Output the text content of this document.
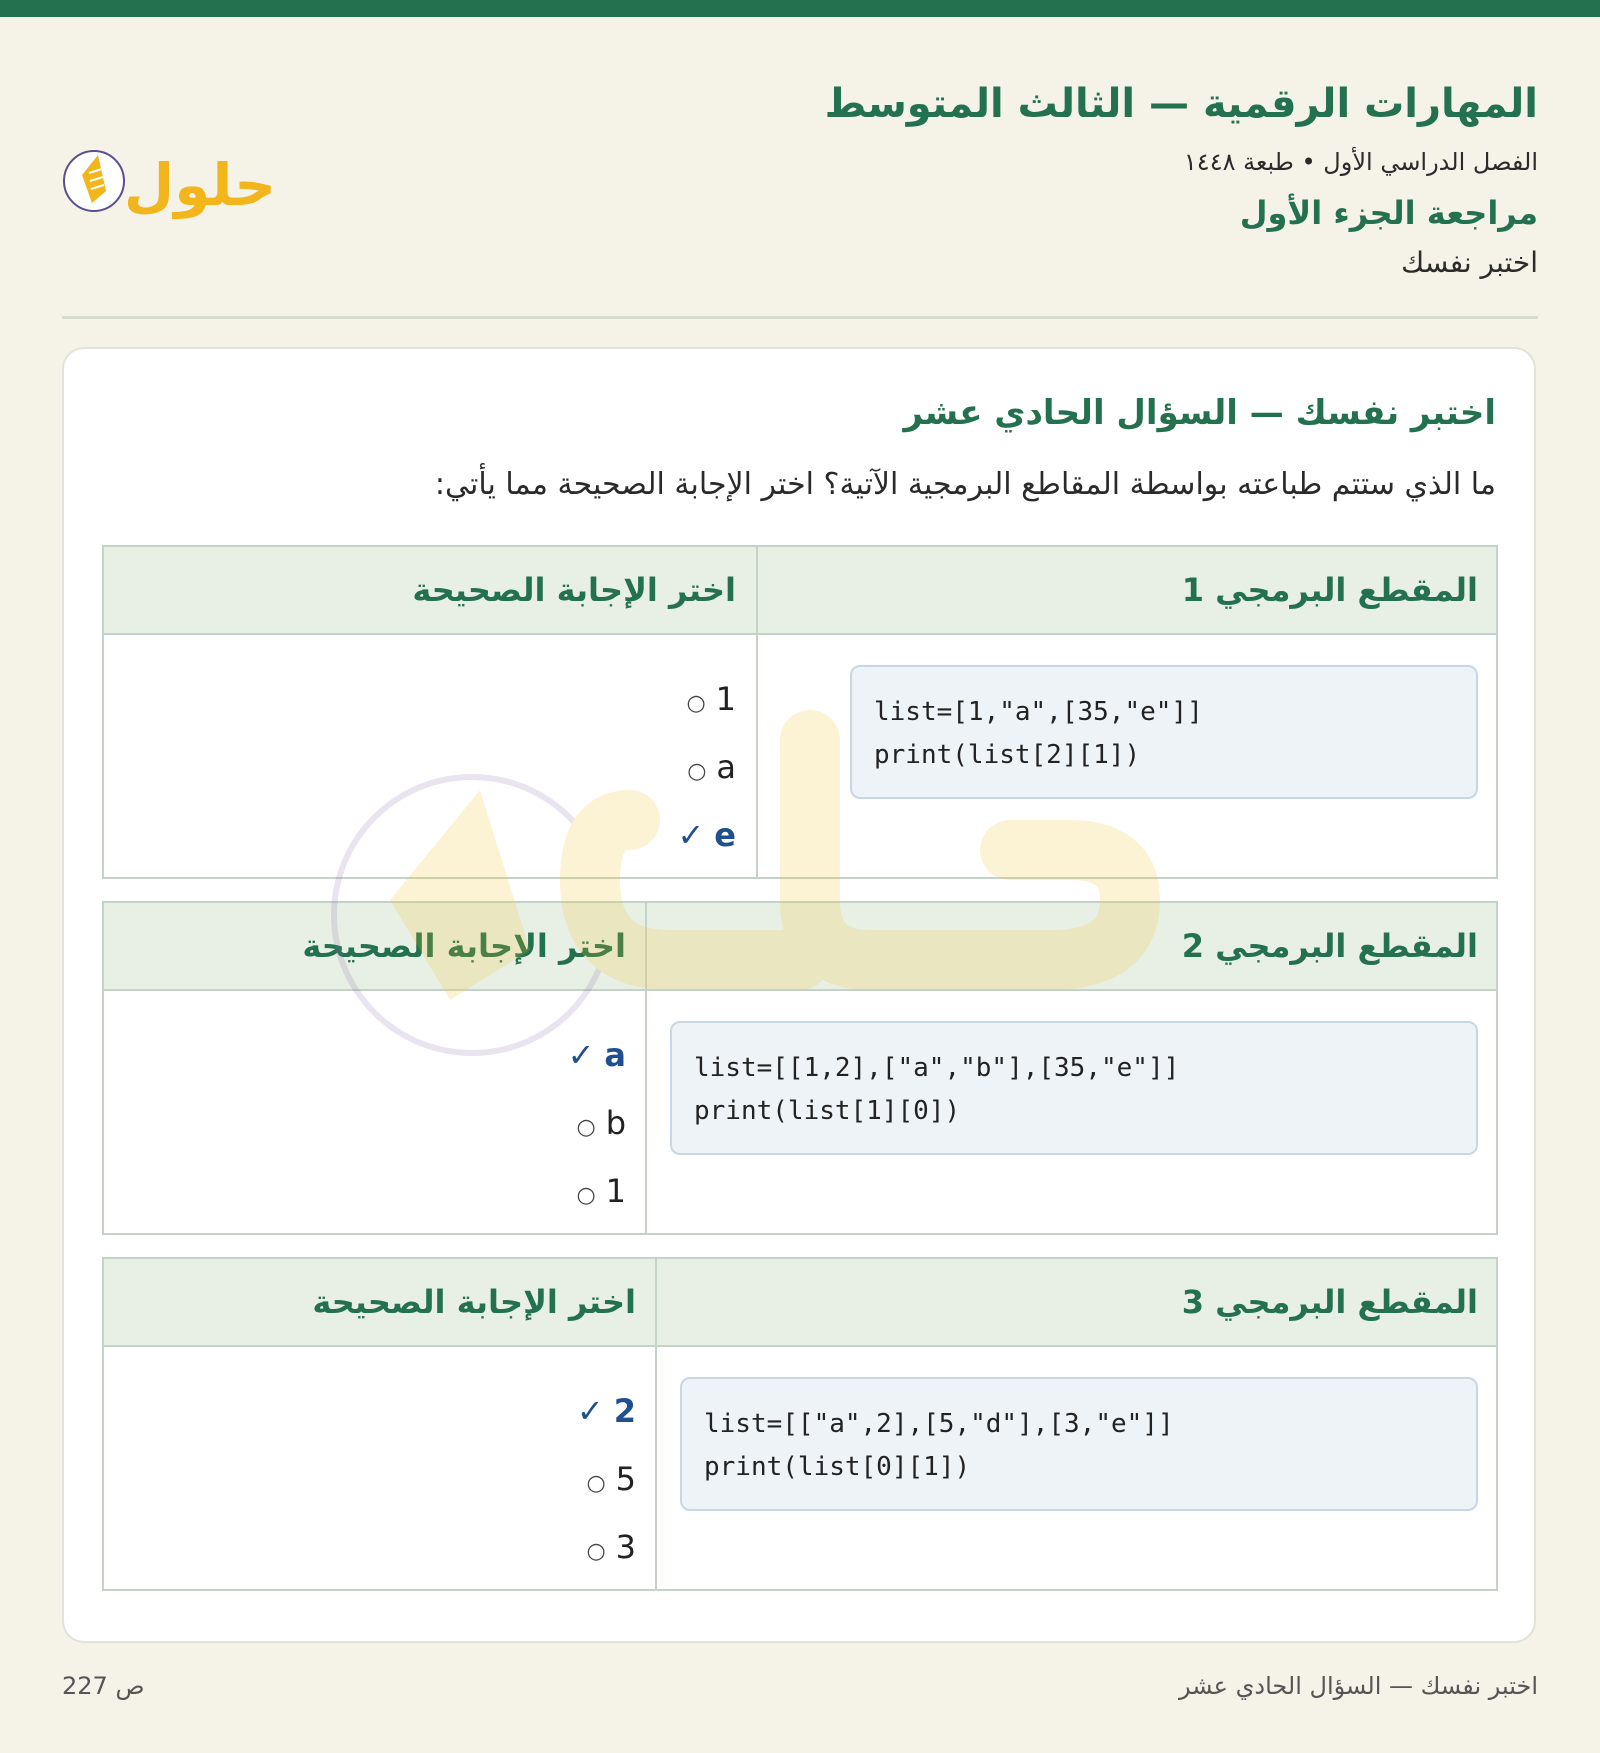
المهارات الرقمية — الثالث المتوسط
الفصل الدراسي الأول • طبعة ١٤٤٨
مراجعة الجزء الأول
اختبر نفسك
حلول
اختبر نفسك — السؤال الحادي عشر
ما الذي ستتم طباعته بواسطة المقاطع البرمجية الآتية؟ اختر الإجابة الصحيحة مما يأتي:
المقطع البرمجي 1
اختر الإجابة الصحيحة
list=[1,"a",[35,"e"]]
print(list[2][1])
○ 1
○ a
✓ e
المقطع البرمجي 2
اختر الإجابة الصحيحة
list=[[1,2],["a","b"],[35,"e"]]
print(list[1][0])
✓ a
○ b
○ 1
المقطع البرمجي 3
اختر الإجابة الصحيحة
list=[["a",2],[5,"d"],[3,"e"]]
print(list[0][1])
✓ 2
○ 5
○ 3
ص 227	اختبر نفسك — السؤال الحادي عشر
